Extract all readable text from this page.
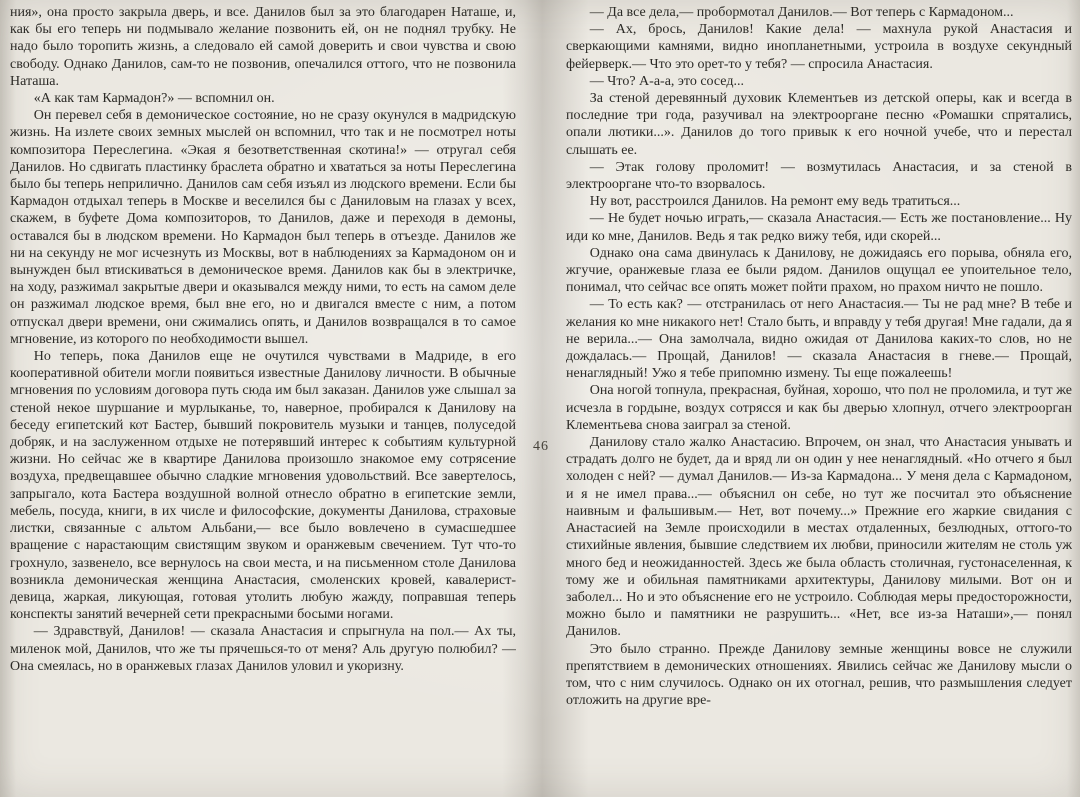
ния», она просто закрыла дверь, и все. Данилов был за это благодарен Наташе, и, как бы его теперь ни подмывало желание позвонить ей, он не поднял трубку. Не надо было торопить жизнь, а следовало ей самой доверить и свои чувства и свою свободу. Однако Данилов, сам-то не позвонив, опечалился оттого, что не позвонила Наташа.

«А как там Кармадон?» — вспомнил он.

Он перевел себя в демоническое состояние, но не сразу окунулся в мадридскую жизнь. На излете своих земных мыслей он вспомнил, что так и не посмотрел ноты композитора Переслегина. «Экая я безответственная скотина!» — отругал себя Данилов. Но сдвигать пластинку браслета обратно и хвататься за ноты Переслегина было бы теперь неприлично. Данилов сам себя изъял из людского времени. Если бы Кармадон отдыхал теперь в Москве и веселился бы с Даниловым на глазах у всех, скажем, в буфете Дома композиторов, то Данилов, даже и переходя в демоны, оставался бы в людском времени. Но Кармадон был теперь в отъезде. Данилов же ни на секунду не мог исчезнуть из Москвы, вот в наблюдениях за Кармадоном он и вынужден был втискиваться в демоническое время. Данилов как бы в электричке, на ходу, разжимал закрытые двери и оказывался между ними, то есть на самом деле он разжимал людское время, был вне его, но и двигался вместе с ним, а потом отпускал двери времени, они сжимались опять, и Данилов возвращался в то самое мгновение, из которого по необходимости вышел.

Но теперь, пока Данилов еще не очутился чувствами в Мадриде, в его кооперативной обители могли появиться известные Данилову личности. В обычные мгновения по условиям договора путь сюда им был заказан. Данилов уже слышал за стеной некое шуршание и мурлыканье, то, наверное, пробирался к Данилову на беседу египетский кот Бастер, бывший покровитель музыки и танцев, полуседой добряк, и на заслуженном отдыхе не потерявший интерес к событиям культурной жизни. Но сейчас же в квартире Данилова произошло знакомое ему сотрясение воздуха, предвещавшее обычно сладкие мгновения удовольствий. Все завертелось, запрыгало, кота Бастера воздушной волной отнесло обратно в египетские земли, мебель, посуда, книги, в их числе и философские, документы Данилова, страховые листки, связанные с альтом Альбани,— все было вовлечено в сумасшедшее вращение с нарастающим свистящим звуком и оранжевым свечением. Тут что-то грохнуло, зазвенело, все вернулось на свои места, и на письменном столе Данилова возникла демоническая женщина Анастасия, смоленских кровей, кавалерист-девица, жаркая, ликующая, готовая утолить любую жажду, поправшая теперь конспекты занятий вечерней сети прекрасными босыми ногами.

— Здравствуй, Данилов! — сказала Анастасия и спрыгнула на пол.— Ах ты, миленок мой, Данилов, что же ты прячешься-то от меня? Аль другую полюбил? — Она смеялась, но в оранжевых глазах Данилов уловил и укоризну.

— Да все дела,— пробормотал Данилов.— Вот теперь с Кармадоном...

— Ах, брось, Данилов! Какие дела! — махнула рукой Анастасия и сверкающими камнями, видно инопланетными, устроила в воздухе секундный фейерверк.— Что это орет-то у тебя? — спросила Анастасия.

— Что? А-а-а, это сосед...

За стеной деревянный духовик Клементьев из детской оперы, как и всегда в последние три года, разучивал на электрооргане песню «Ромашки спрятались, опали лютики...». Данилов до того привык к его ночной учебе, что и перестал слышать ее.

— Этак голову проломит! — возмутилась Анастасия, и за стеной в электрооргане что-то взорвалось.

Ну вот, расстроился Данилов. На ремонт ему ведь тратиться...

— Не будет ночью играть,— сказала Анастасия.— Есть же постановление... Ну иди ко мне, Данилов. Ведь я так редко вижу тебя, иди скорей...

Однако она сама двинулась к Данилову, не дожидаясь его порыва, обняла его, жгучие, оранжевые глаза ее были рядом. Данилов ощущал ее упоительное тело, понимал, что сейчас все опять может пойти прахом, но прахом ничто не пошло.

— То есть как? — отстранилась от него Анастасия.— Ты не рад мне? В тебе и желания ко мне никакого нет! Стало быть, и вправду у тебя другая! Мне гадали, да я не верила...— Она замолчала, видно ожидая от Данилова каких-то слов, но не дождалась.— Прощай, Данилов! — сказала Анастасия в гневе.— Прощай, ненаглядный! Ужо я тебе припомню измену. Ты еще пожалеешь!

Она ногой топнула, прекрасная, буйная, хорошо, что пол не проломила, и тут же исчезла в гордыне, воздух сотрясся и как бы дверью хлопнул, отчего электроорган Клементьева снова заиграл за стеной.

Данилову стало жалко Анастасию. Впрочем, он знал, что Анастасия унывать и страдать долго не будет, да и вряд ли он один у нее ненаглядный. «Но отчего я был холоден с ней? — думал Данилов.— Из-за Кармадона... У меня дела с Кармадоном, и я не имел права...— объяснил он себе, но тут же посчитал это объяснение наивным и фальшивым.— Нет, вот почему...» Прежние его жаркие свидания с Анастасией на Земле происходили в местах отдаленных, безлюдных, оттого-то стихийные явления, бывшие следствием их любви, приносили жителям не столь уж много бед и неожиданностей. Здесь же была область столичная, густонаселенная, к тому же и обильная памятниками архитектуры, Данилову милыми. Вот он и заболел... Но и это объяснение его не устроило. Соблюдая меры предосторожности, можно было и памятники не разрушить... «Нет, все из-за Наташи»,— понял Данилов.

Это было странно. Прежде Данилову земные женщины вовсе не служили препятствием в демонических отношениях. Явились сейчас же Данилову мысли о том, что с ним случилось. Однако он их отогнал, решив, что размышления следует отложить на другие вре-

46
